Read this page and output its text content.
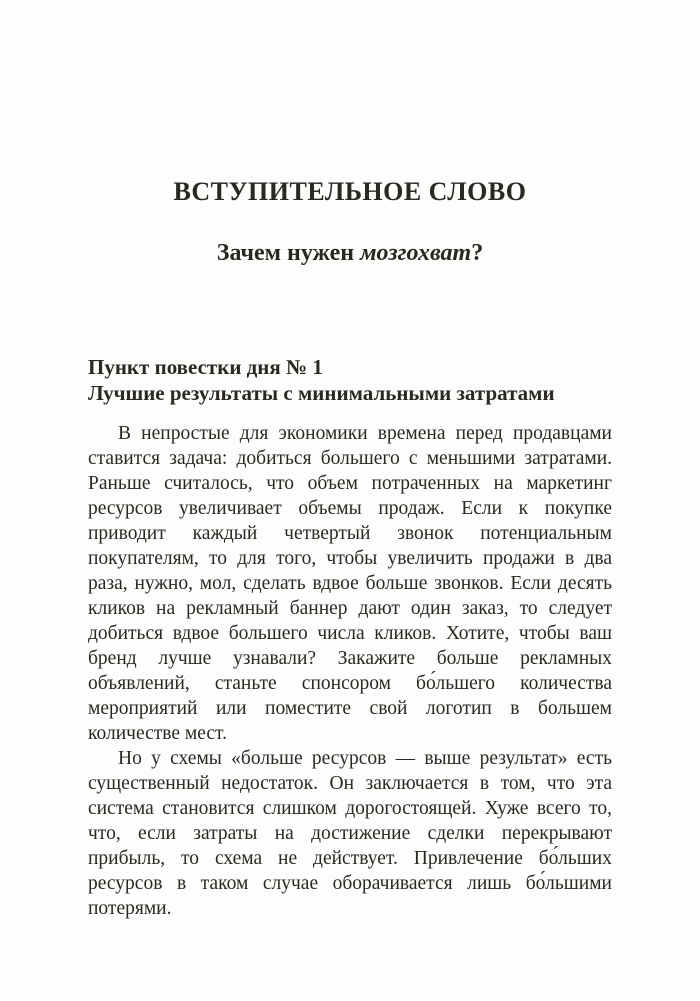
ВСТУПИТЕЛЬНОЕ СЛОВО
Зачем нужен мозгохват?
Пункт повестки дня № 1
Лучшие результаты с минимальными затратами

В непростые для экономики времена перед продавцами ставится задача: добиться большего с меньшими затратами. Раньше считалось, что объем потраченных на маркетинг ресурсов увеличивает объемы продаж. Если к покупке приводит каждый четвертый звонок потенциальным покупателям, то для того, чтобы увеличить продажи в два раза, нужно, мол, сделать вдвое больше звонков. Если десять кликов на рекламный баннер дают один заказ, то следует добиться вдвое большего числа кликов. Хотите, чтобы ваш бренд лучше узнавали? Закажите больше рекламных объявлений, станьте спонсором бо́льшего количества мероприятий или поместите свой логотип в большем количестве мест.

Но у схемы «больше ресурсов — выше результат» есть существенный недостаток. Он заключается в том, что эта система становится слишком дорогостоящей. Хуже всего то, что, если затраты на достижение сделки перекрывают прибыль, то схема не действует. Привлечение бо́льших ресурсов в таком случае оборачивается лишь бо́льшими потерями.
